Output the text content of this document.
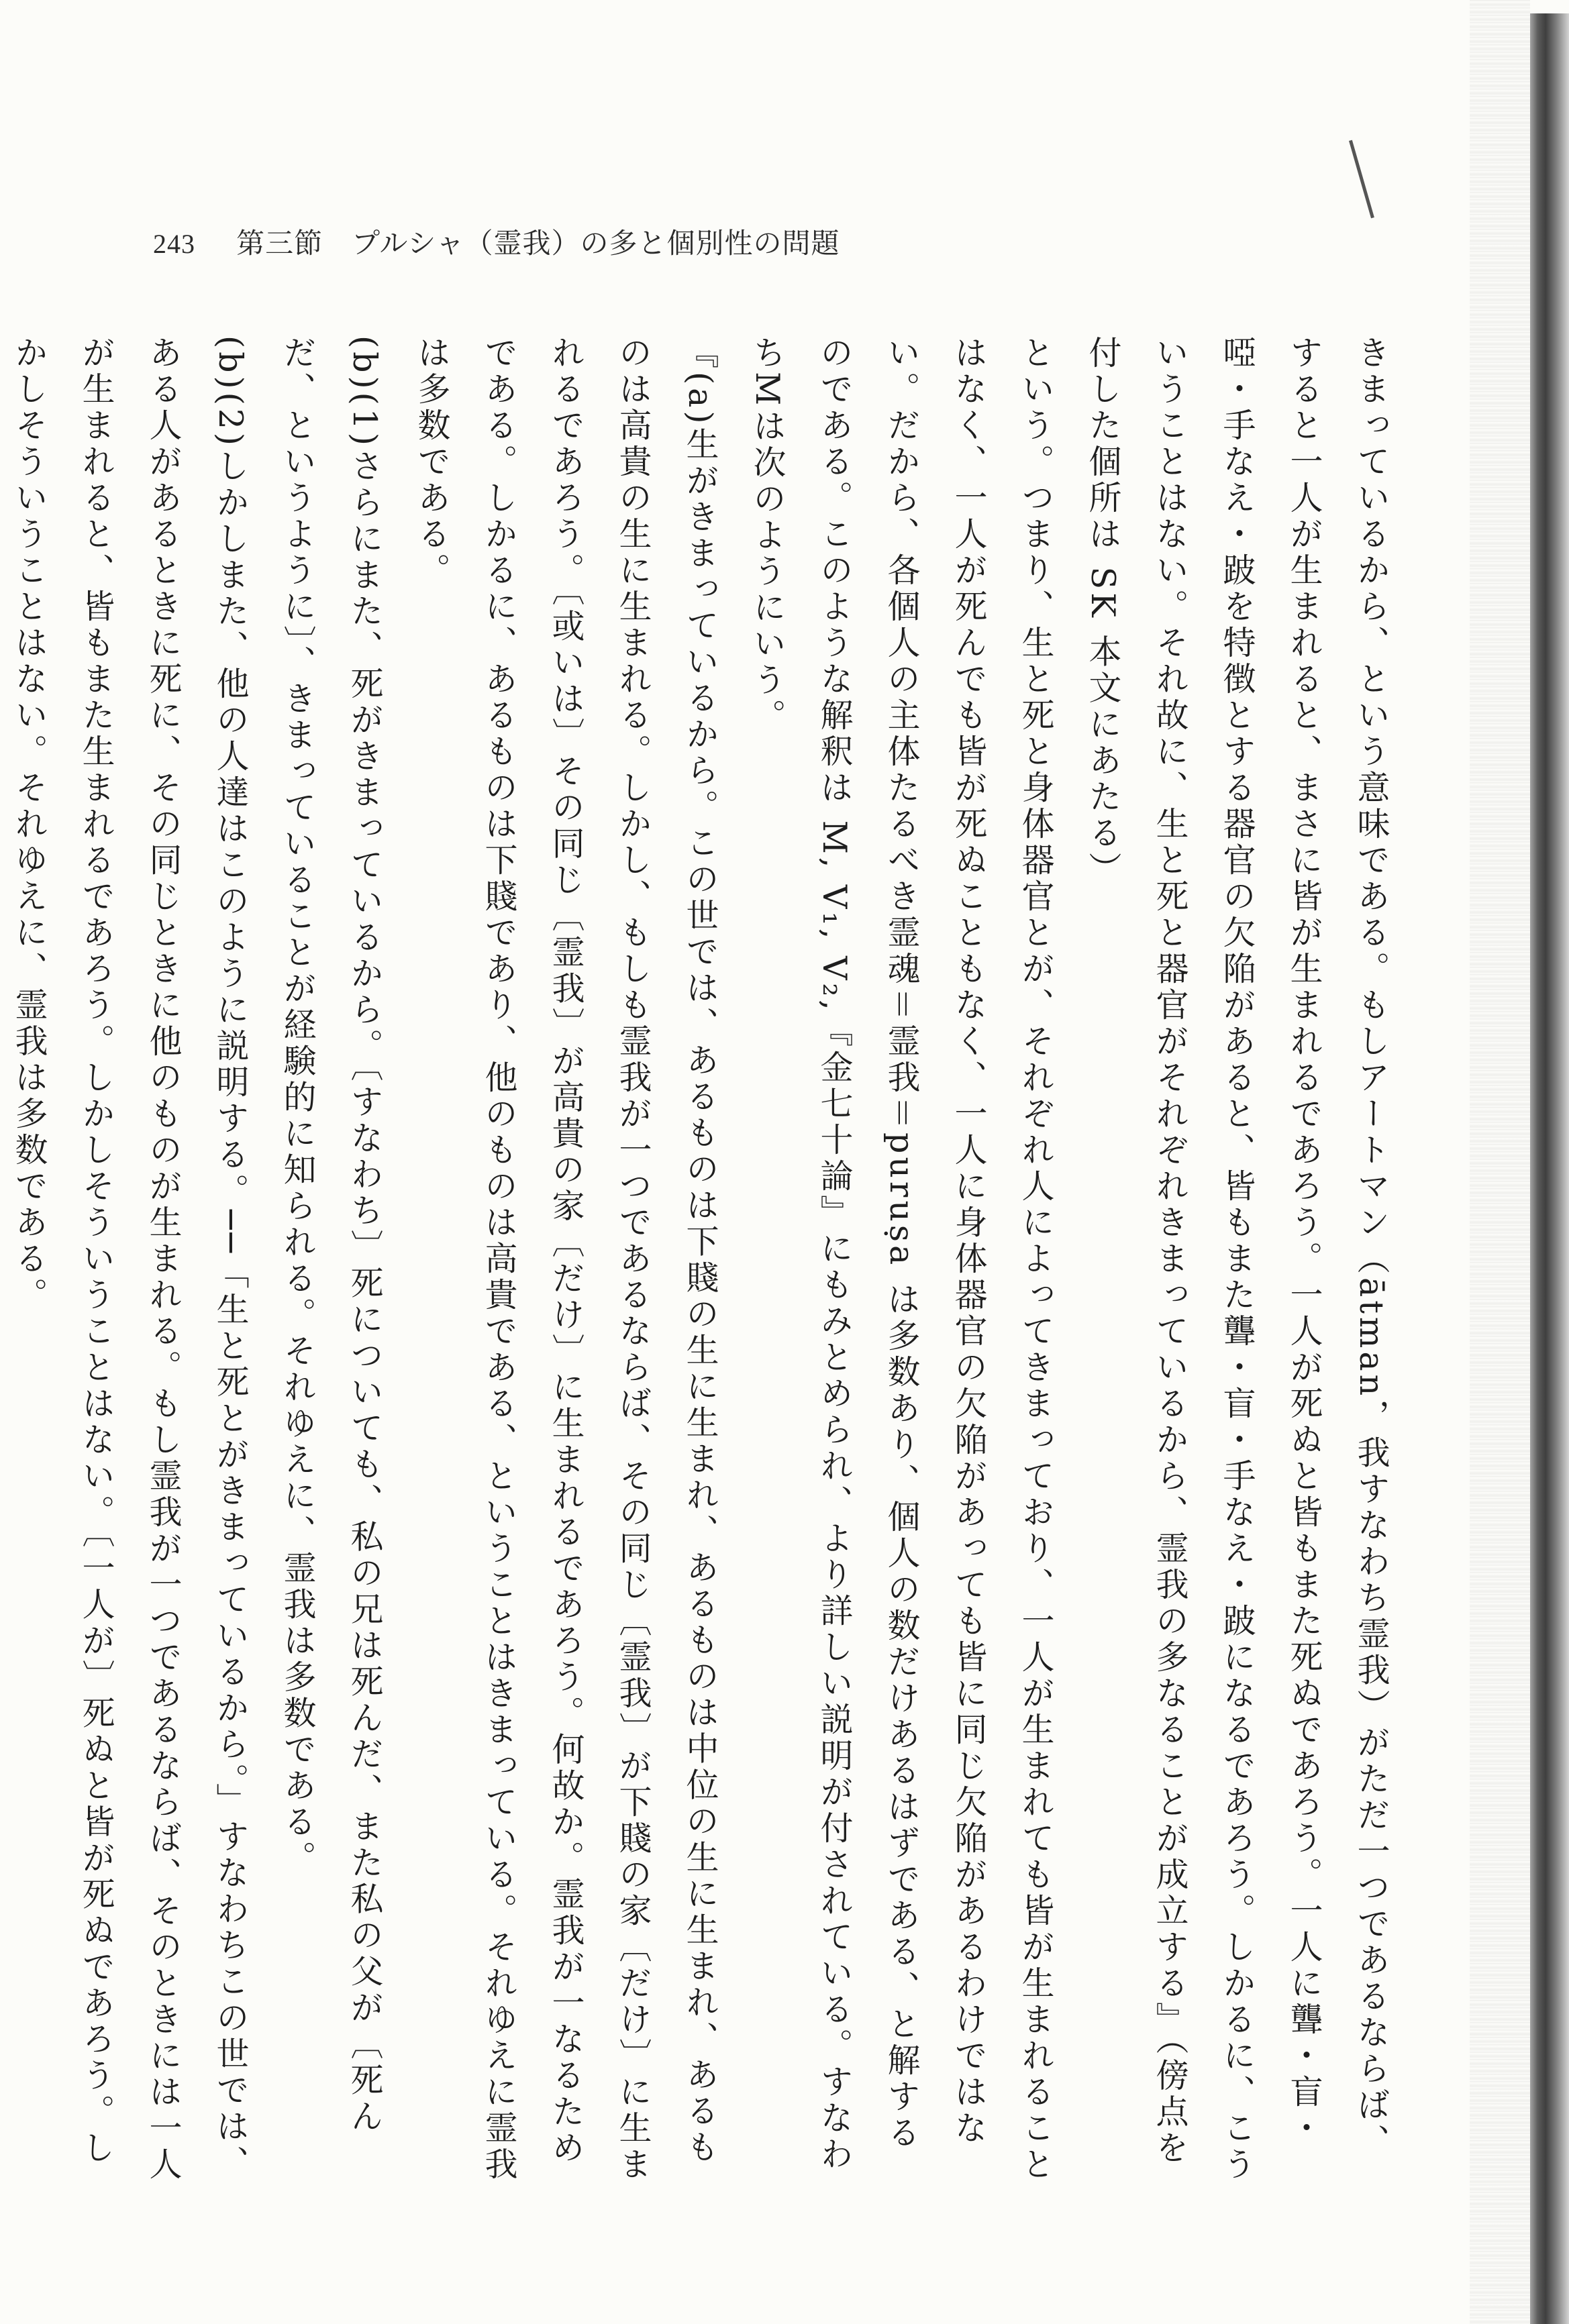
243 第三節　プルシャ（霊我）の多と個別性の問題

きまっているから、という意味である。もしアートマン（ātman，我すなわち霊我）がただ一つであるならば、すると一人が生まれると、まさに皆が生まれるであろう。一人が死ぬと皆もまた死ぬであろう。一人に聾・盲・啞・手なえ・跛を特徴とする器官の欠陥があると、皆もまた聾・盲・手なえ・跛になるであろう。しかるに、こういうことはない。それ故に、生と死と器官がそれぞれきまっているから、霊我の多なることが成立する』（傍点を付した個所は SK 本文にあたる）

という。つまり、生と死と身体器官とが、それぞれ人によってきまっており、一人が生まれても皆が生まれることはなく、一人が死んでも皆が死ぬこともなく、一人に身体器官の欠陥があっても皆に同じ欠陥があるわけではない。だから、各個人の主体たるべき霊魂＝霊我＝puruṣa は多数あり、個人の数だけあるはずである、と解するのである。このような解釈は M, V₁, V₂,『金七十論』にもみとめられ、より詳しい説明が付されている。すなわちMは次のようにいう。

『(a)生がきまっているから。この世では、あるものは下賤の生に生まれ、あるものは中位の生に生まれ、あるものは高貴の生に生まれる。しかし、もしも霊我が一つであるならば、その同じ〔霊我〕が下賤の家〔だけ〕に生まれるであろう。〔或いは〕その同じ〔霊我〕が高貴の家〔だけ〕に生まれるであろう。何故か。霊我が一なるためである。しかるに、あるものは下賤であり、他のものは高貴である、ということはきまっている。それゆえに霊我は多数である。

(b)(1)さらにまた、死がきまっているから。〔すなわち〕死についても、私の兄は死んだ、また私の父が〔死んだ、というように〕、きまっていることが経験的に知られる。それゆえに、霊我は多数である。

(b)(2)しかしまた、他の人達はこのように説明する。──「生と死とがきまっているから。」すなわちこの世では、ある人があるときに死に、その同じときに他のものが生まれる。もし霊我が一つであるならば、そのときには一人が生まれると、皆もまた生まれるであろう。しかしそういうことはない。〔一人が〕死ぬと皆が死ぬであろう。しかしそういうことはない。それゆえに、霊我は多数である。
